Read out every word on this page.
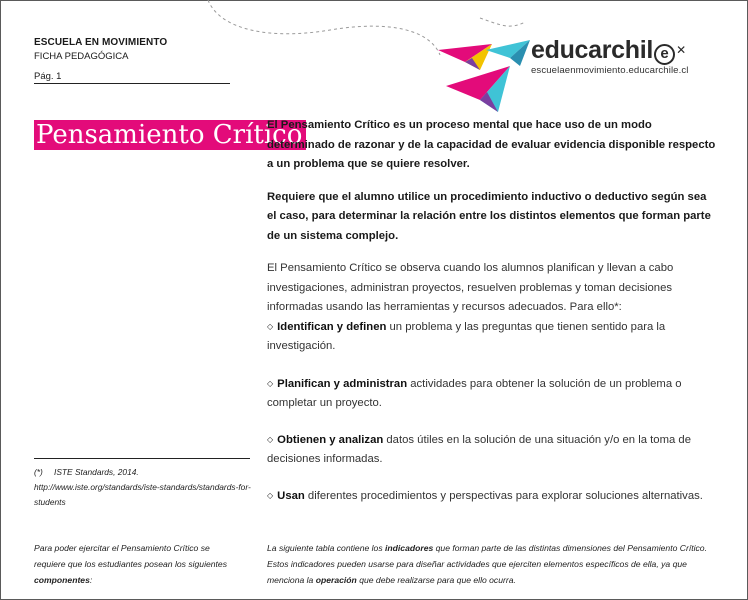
ESCUELA EN MOVIMIENTO
FICHA PEDAGÓGICA
Pág. 1
educarchil e ✕
escuelaenmovimiento.educarchile.cl
Pensamiento Crítico

El Pensamiento Crítico es un proceso mental que hace uso de un modo determinado de razonar y de la capacidad de evaluar evidencia disponible respecto a un problema que se quiere resolver.

Requiere que el alumno utilice un procedimiento inductivo o deductivo según sea el caso, para determinar la relación entre los distintos elementos que forman parte de un sistema complejo.

El Pensamiento Crítico se observa cuando los alumnos planifican y llevan a cabo investigaciones, administran proyectos, resuelven problemas y toman decisiones informadas usando las herramientas y recursos adecuados. Para ello*:

◇ Identifican y definen un problema y las preguntas que tienen sentido para la investigación.

◇ Planifican y administran actividades para obtener la solución de un problema o completar un proyecto.

◇ Obtienen y analizan datos útiles en la solución de una situación y/o en la toma de decisiones informadas.

◇ Usan diferentes procedimientos y perspectivas para explorar soluciones alternativas.

(*) ISTE Standards, 2014. http://www.iste.org/standards/iste-standards/standards-for-students
Para poder ejercitar el Pensamiento Crítico se requiere que los estudiantes posean los siguientes componentes:
La siguiente tabla contiene los indicadores que forman parte de las distintas dimensiones del Pensamiento Crítico. Estos indicadores pueden usarse para diseñar actividades que ejerciten elementos específicos de ella, ya que menciona la operación que debe realizarse para que ello ocurra.
